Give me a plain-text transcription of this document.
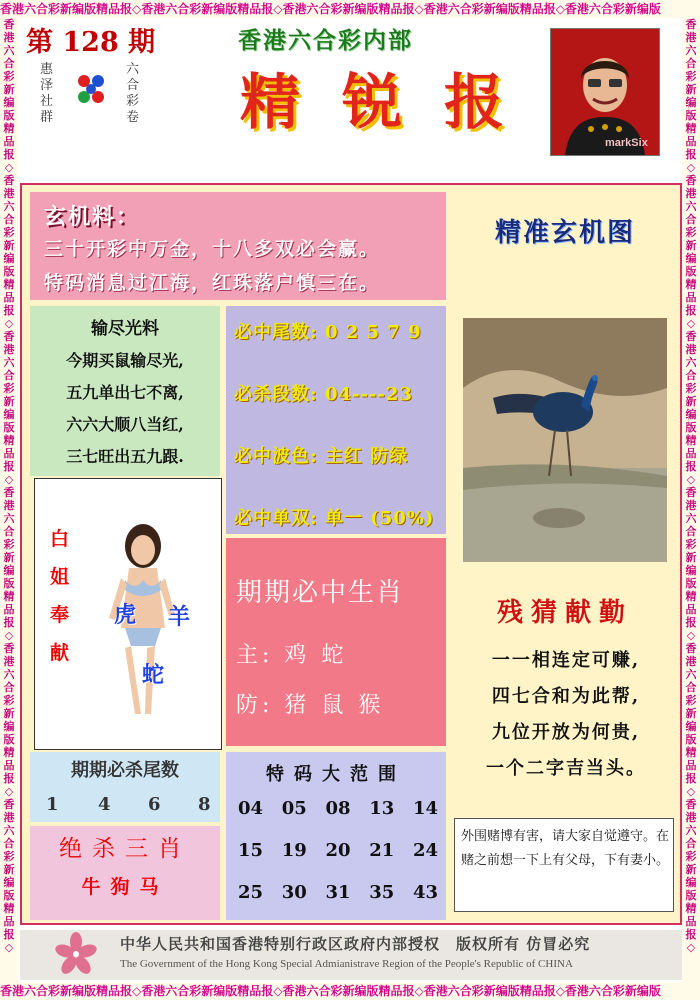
香港六合彩新编版精品报◇香港六合彩新编版精品报◇香港六合彩新编版精品报◇香港六合彩新编版精品报◇香港六合彩新编版
香港六合彩新编版精品报◇香港六合彩新编版精品报◇香港六合彩新编版精品报◇香港六合彩新编版精品报◇香港六合彩新编版
香港六合彩新编版精品报◇香港六合彩新编版精品报◇香港六合彩新编版精品报◇香港六合彩新编版精品报◇香港六合彩新编版精品报◇香港六合彩新编版精品报◇
香港六合彩新编版精品报◇香港六合彩新编版精品报◇香港六合彩新编版精品报◇香港六合彩新编版精品报◇香港六合彩新编版精品报◇香港六合彩新编版精品报◇
第 128 期
惠泽社群
六合彩卷
香港六合彩内部
精锐报
markSix
玄机料：
三十开彩中万金，十八多双必会赢。
特码消息过江海，红珠落户慎三在。
输尽光料
今期买鼠输尽光,
五九单出七不离,
六六大顺八当红,
三七旺出五九跟.
必中尾数: 0 2 5 7 9
必杀段数: 04----23
必中波色: 主红 防绿
必中单双: 单一 (50%)
白姐奉献
虎 羊
蛇
期期必中生肖
主: 鸡 蛇
防: 猪 鼠 猴
期期必杀尾数
1 4 6 8
绝杀三肖
牛狗马
特码大范围
04 05 08 13 14
15 19 20 21 24
25 30 31 35 43
精准玄机图
残猜献勤
一一相连定可赚,
四七合和为此帮,
九位开放为何贵,
一个二字吉当头。
外围赌博有害，请大家自觉遵守。在赌之前想一下上有父母，下有妻小。
中华人民共和国香港特别行政区政府内部授权　版权所有 仿冒必究
The Government of the Hong Kong Special Admianistrave Region of the People's Republic of CHINA
